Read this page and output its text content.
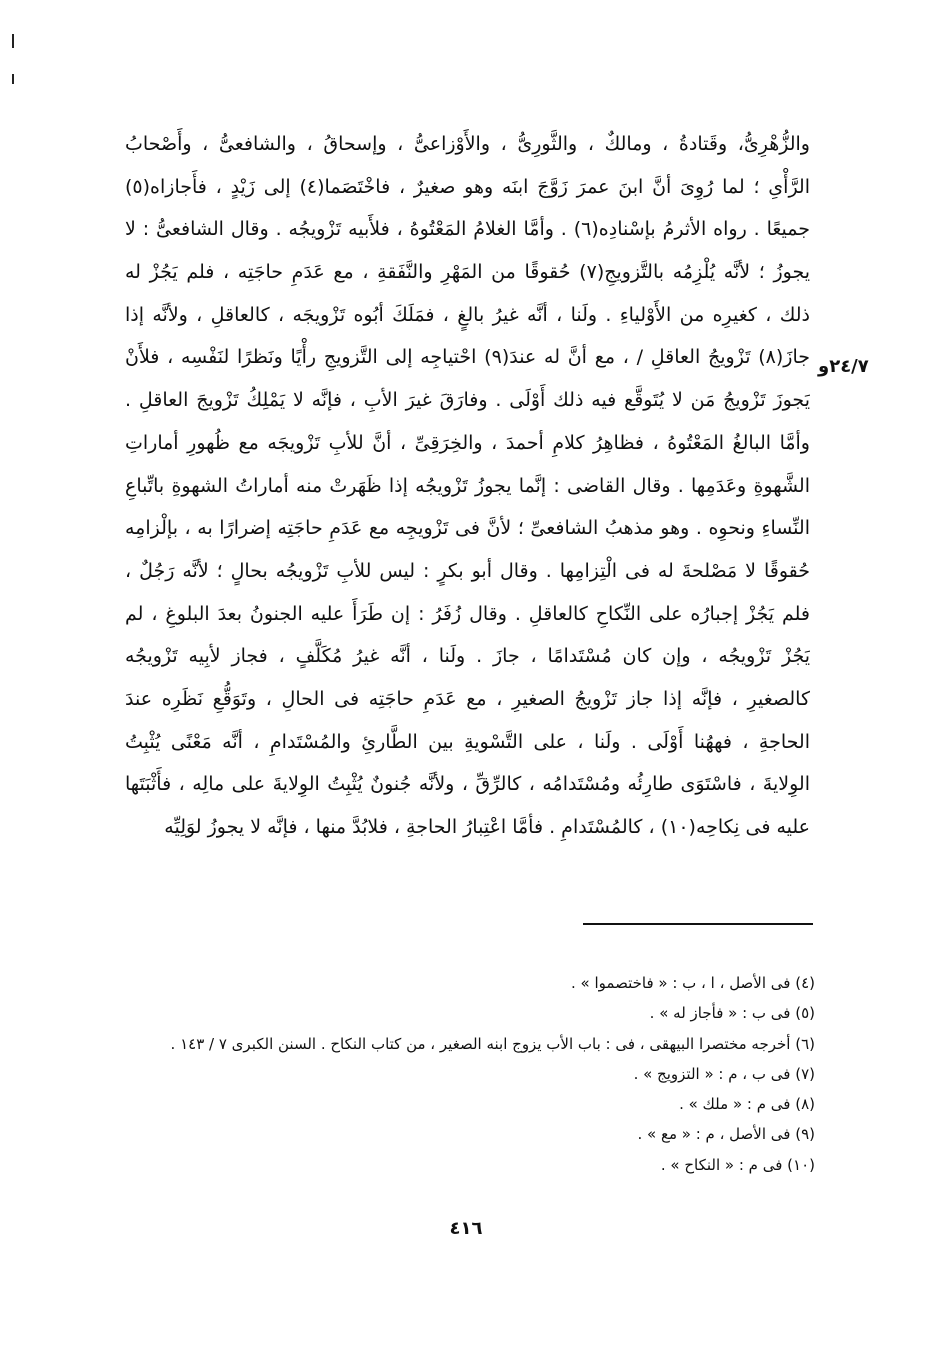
والزُّهْرِىُّ، وقَتادةُ ، ومالكٌ ، والثَّورِىُّ ، والأَوْزاعىُّ ، وإسحاقُ ، والشافعىُّ ، وأَصْحابُ
الرَّأْىِ ؛ لما رُوِىَ أنَّ ابنَ عمرَ زَوَّجَ ابنَه وهو صغيرٌ ، فاخْتَصَما(٤) إلى زَيْدٍ ، فأَجازاه(٥)
جميعًا . رواه الأثرمُ بإسْنادِه(٦) . وأمَّا الغلامُ المَعْتُوهُ ، فلأَبيه تَزْويجُه . وقال الشافعىُّ : لا
يجوزُ ؛ لأنَّه يُلْزِمُه بالتَّزويجِ(٧) حُقوقًا من المَهْرِ والنَّفَقةِ ، مع عَدَمِ حاجَتِه ، فلم يَجُزْ له
ذلك ، كغيرِه من الأَوْلياءِ . ولَنا ، أنَّه غيرُ بالغٍ ، فمَلَكَ أبُوه تَزْويجَه ، كالعاقلِ ، ولأنَّه إذا
جازَ(٨) تَزْويجُ العاقلِ / ، مع أنَّ له عندَ(٩) احْتياجِه إلى التَّزويجِ رأْيًا ونَظرًا لنَفْسِه ، فلأَنْ
يَجوزَ تَزْويجُ مَن لا يُتَوقَّع فيه ذلك أَوْلَى . وفارَقَ غيرَ الأبِ ، فإنَّه لا يَمْلِكُ تَزْويجَ العاقلِ .
وأمَّا البالغُ المَعْتُوهُ ، فظاهِرُ كلامِ أحمدَ ، والخِرَقِىِّ ، أنَّ للأبِ تَزْويجَه مع ظُهورِ أماراتِ
الشَّهوةِ وعَدَمِها . وقال القاضى : إنَّما يجوزُ تَزْويجُه إذا ظَهَرتْ منه أماراتُ الشهوةِ باتِّباعِ
النِّساءِ ونحوِه . وهو مذهبُ الشافعىِّ ؛ لأنَّ فى تَزْويجِه مع عَدَمِ حاجَتِه إضرارًا به ، بإلْزامِه
حُقوقًا لا مَصْلحةَ له فى الْتِزامِها . وقال أبو بكرٍ : ليس للأبِ تَزْويجُه بحالٍ ؛ لأنَّه رَجُلٌ ،
فلم يَجُزْ إجبارُه على النِّكاحِ كالعاقلِ . وقال زُفَرُ : إن طَرَأَ عليه الجنونُ بعدَ البلوغِ ، لم
يَجُزْ تَزْويجُه ، وإن كان مُسْتَدامًا ، جازَ . ولَنا ، أنَّه غيرُ مُكَلَّفٍ ، فجاز لأبِيه تَزْويجُه
كالصغيرِ ، فإنَّه إذا جاز تَزْويجُ الصغيرِ ، مع عَدَمِ حاجَتِه فى الحالِ ، وتَوَقُّعِ نَظَرِه عندَ
الحاجةِ ، فههُنا أَوْلَى . ولَنا ، على التَّسْويةِ بين الطَّارئِ والمُسْتَدامِ ، أنَّه مَعْنًى يُثْبِتُ
الوِلايةَ ، فاسْتَوَى طارِئُه ومُسْتَدامُه ، كالرِّقِّ ، ولأنَّه جُنونٌ يُثْبِتُ الوِلايةَ على مالِه ، فأَثْبَتَها
عليه فى نِكاحِه(١٠) ، كالمُسْتَدامِ . فأمَّا اعْتِبارُ الحاجةِ ، فلابُدَّ منها ، فإنَّه لا يجوزُ لوَلِيِّه
٢٤/٧و
(٤) فى الأصل ، ا ، ب : « فاختصموا » .
(٥) فى ب : « فأجاز له » .
(٦) أخرجه مختصرا البيهقى ، فى : باب الأب يزوج ابنه الصغير ، من كتاب النكاح . السنن الكبرى ٧ / ١٤٣ .
(٧) فى ب ، م : « التزويج » .
(٨) فى م : « ملك » .
(٩) فى الأصل ، م : « مع » .
(١٠) فى م : « النكاح » .
٤١٦
